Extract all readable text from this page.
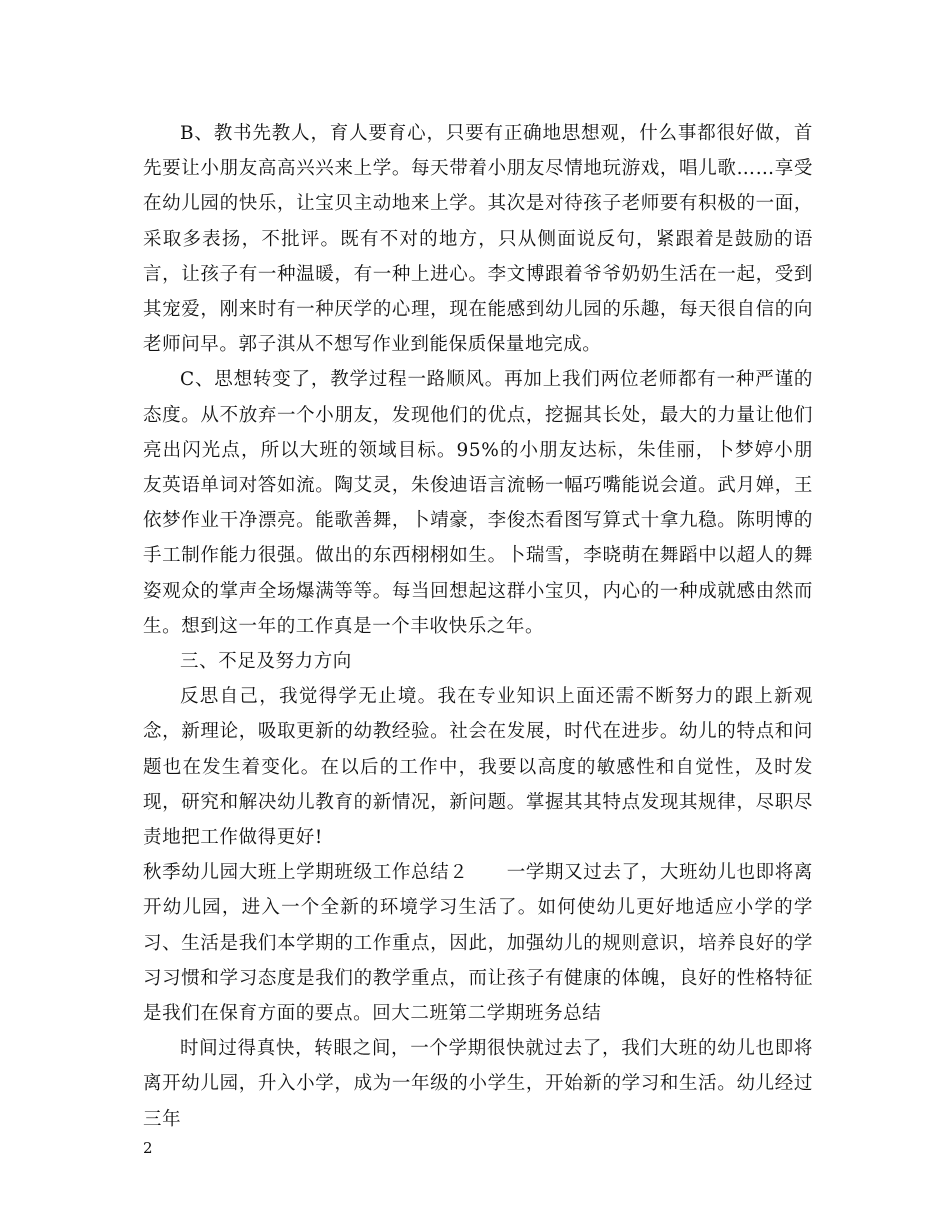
B、教书先教人，育人要育心，只要有正确地思想观，什么事都很好做，首先要让小朋友高高兴兴来上学。每天带着小朋友尽情地玩游戏，唱儿歌……享受在幼儿园的快乐，让宝贝主动地来上学。其次是对待孩子老师要有积极的一面，采取多表扬，不批评。既有不对的地方，只从侧面说反句，紧跟着是鼓励的语言，让孩子有一种温暖，有一种上进心。李文博跟着爷爷奶奶生活在一起，受到其宠爱，刚来时有一种厌学的心理，现在能感到幼儿园的乐趣，每天很自信的向老师问早。郭子淇从不想写作业到能保质保量地完成。

C、思想转变了，教学过程一路顺风。再加上我们两位老师都有一种严谨的态度。从不放弃一个小朋友，发现他们的优点，挖掘其长处，最大的力量让他们亮出闪光点，所以大班的领域目标。95%的小朋友达标，朱佳丽，卜梦婷小朋友英语单词对答如流。陶艾灵，朱俊迪语言流畅一幅巧嘴能说会道。武月婵，王依梦作业干净漂亮。能歌善舞，卜靖豪，李俊杰看图写算式十拿九稳。陈明博的手工制作能力很强。做出的东西栩栩如生。卜瑞雪，李晓萌在舞蹈中以超人的舞姿观众的掌声全场爆满等等。每当回想起这群小宝贝，内心的一种成就感由然而生。想到这一年的工作真是一个丰收快乐之年。

三、不足及努力方向

反思自己，我觉得学无止境。我在专业知识上面还需不断努力的跟上新观念，新理论，吸取更新的幼教经验。社会在发展，时代在进步。幼儿的特点和问题也在发生着变化。在以后的工作中，我要以高度的敏感性和自觉性，及时发现，研究和解决幼儿教育的新情况，新问题。掌握其其特点发现其规律，尽职尽责地把工作做得更好!

秋季幼儿园大班上学期班级工作总结２　　一学期又过去了，大班幼儿也即将离开幼儿园，进入一个全新的环境学习生活了。如何使幼儿更好地适应小学的学习、生活是我们本学期的工作重点，因此，加强幼儿的规则意识，培养良好的学习习惯和学习态度是我们的教学重点，而让孩子有健康的体魄，良好的性格特征是我们在保育方面的要点。回大二班第二学期班务总结

时间过得真快，转眼之间，一个学期很快就过去了，我们大班的幼儿也即将离开幼儿园，升入小学，成为一年级的小学生，开始新的学习和生活。幼儿经过三年

2
